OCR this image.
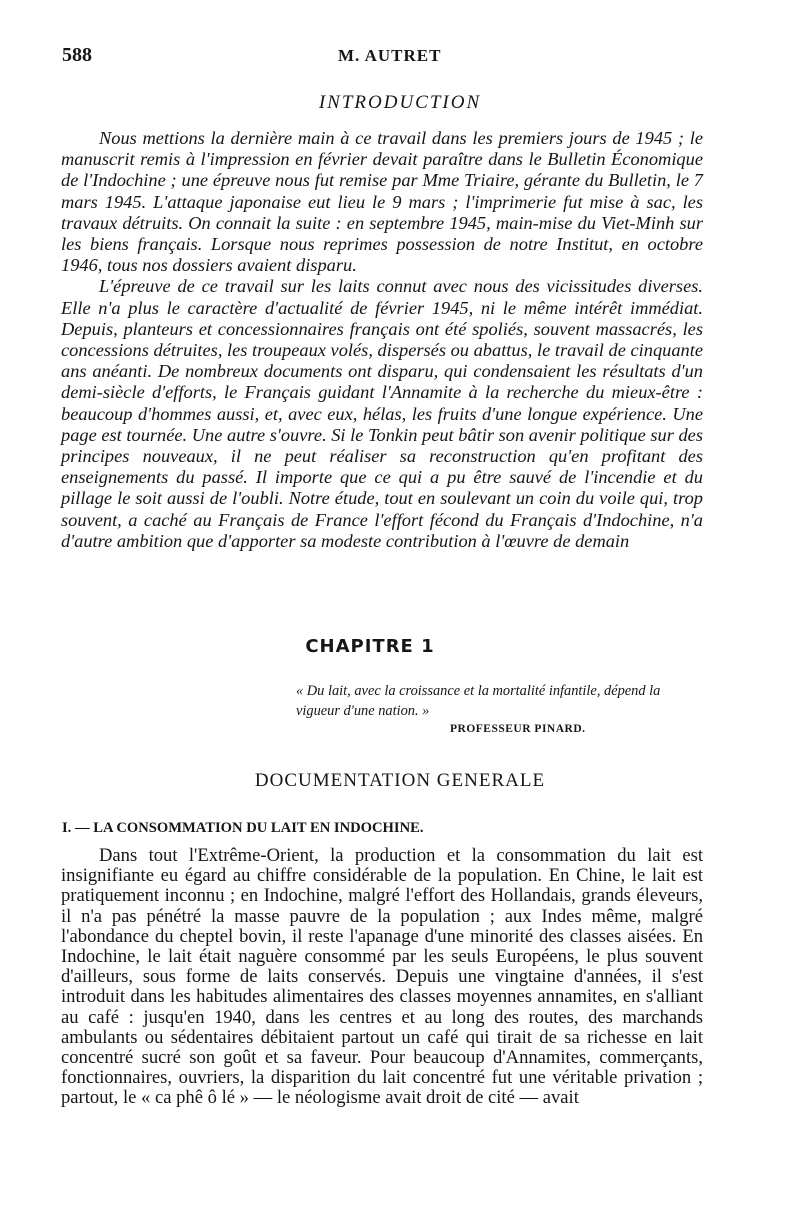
588	M. AUTRET
INTRODUCTION

Nous mettions la dernière main à ce travail dans les premiers jours de 1945 ; le manuscrit remis à l'impression en février devait paraître dans le Bulletin Économique de l'Indochine ; une épreuve nous fut remise par Mme Triaire, gérante du Bulletin, le 7 mars 1945. L'attaque japonaise eut lieu le 9 mars ; l'imprimerie fut mise à sac, les travaux détruits. On connait la suite : en septembre 1945, main-mise du Viet-Minh sur les biens français. Lorsque nous reprimes possession de notre Institut, en octobre 1946, tous nos dossiers avaient disparu.

L'épreuve de ce travail sur les laits connut avec nous des vicissitudes diverses. Elle n'a plus le caractère d'actualité de février 1945, ni le même intérêt immédiat. Depuis, planteurs et concessionnaires français ont été spoliés, souvent massacrés, les concessions détruites, les troupeaux volés, dispersés ou abattus, le travail de cinquante ans anéanti. De nombreux documents ont disparu, qui condensaient les résultats d'un demi-siècle d'efforts, le Français guidant l'Annamite à la recherche du mieux-être : beaucoup d'hommes aussi, et, avec eux, hélas, les fruits d'une longue expérience. Une page est tournée. Une autre s'ouvre. Si le Tonkin peut bâtir son avenir politique sur des principes nouveaux, il ne peut réaliser sa reconstruction qu'en profitant des enseignements du passé. Il importe que ce qui a pu être sauvé de l'incendie et du pillage le soit aussi de l'oubli. Notre étude, tout en soulevant un coin du voile qui, trop souvent, a caché au Français de France l'effort fécond du Français d'Indochine, n'a d'autre ambition que d'apporter sa modeste contribution à l'œuvre de demain

CHAPITRE 1
« Du lait, avec la croissance et la mortalité infantile, dépend la vigueur d'une nation. »
PROFESSEUR PINARD.
DOCUMENTATION GENERALE
I. — LA CONSOMMATION DU LAIT EN INDOCHINE.

Dans tout l'Extrême-Orient, la production et la consommation du lait est insignifiante eu égard au chiffre considérable de la population. En Chine, le lait est pratiquement inconnu ; en Indochine, malgré l'effort des Hollandais, grands éleveurs, il n'a pas pénétré la masse pauvre de la population ; aux Indes même, malgré l'abondance du cheptel bovin, il reste l'apanage d'une minorité des classes aisées. En Indochine, le lait était naguère consommé par les seuls Européens, le plus souvent d'ailleurs, sous forme de laits conservés. Depuis une vingtaine d'années, il s'est introduit dans les habitudes alimentaires des classes moyennes annamites, en s'alliant au café : jusqu'en 1940, dans les centres et au long des routes, des marchands ambulants ou sédentaires débitaient partout un café qui tirait de sa richesse en lait concentré sucré son goût et sa faveur. Pour beaucoup d'Annamites, commerçants, fonctionnaires, ouvriers, la disparition du lait concentré fut une véritable privation ; partout, le « ca phê ô lé » — le néologisme avait droit de cité — avait
